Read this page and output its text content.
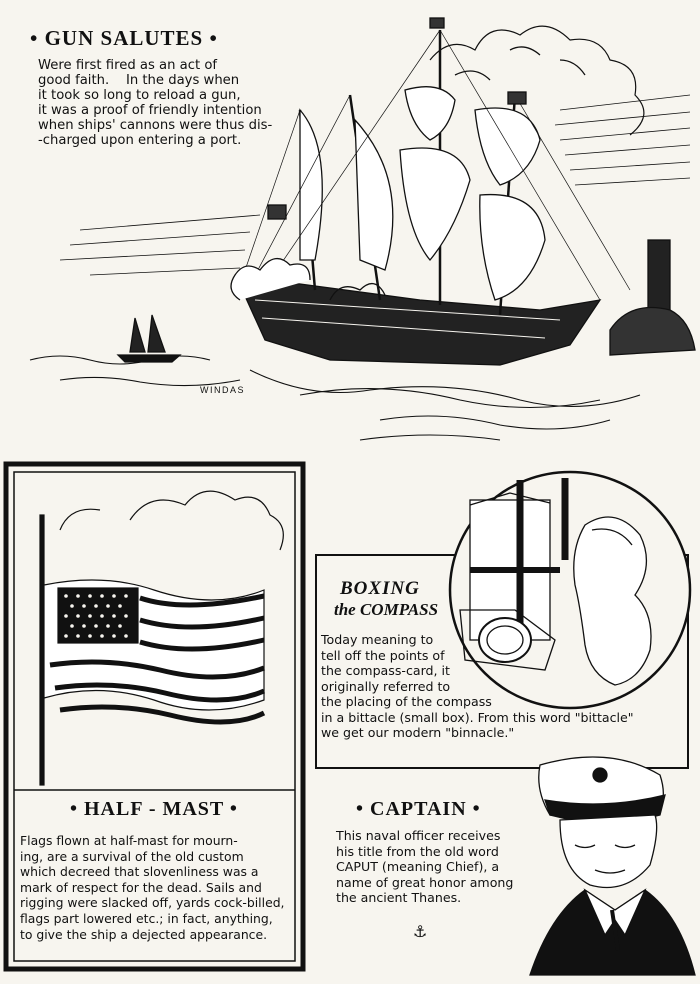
• GUN SALUTES •
Were first fired as an act of
good faith.    In the days when
it took so long to reload a gun,
it was a proof of friendly intention
when ships' cannons were thus dis-
-charged upon entering a port.
WINDAS
BOXING
the COMPASS
Today meaning to
tell off the points of
the compass-card, it
originally referred to
the placing of the compass
in a bittacle (small box). From this word "bittacle"
we get our modern "binnacle."
• HALF - MAST •
Flags flown at half-mast for mourn-
ing, are a survival of the old custom
which decreed that slovenliness was a
mark of respect for the dead. Sails and
rigging were slacked off, yards cock-billed,
flags part lowered etc.; in fact, anything,
to give the ship a dejected appearance.
• CAPTAIN •
This naval officer receives
his title from the old word
CAPUT (meaning Chief), a
name of great honor among
the ancient Thanes.
⚓
